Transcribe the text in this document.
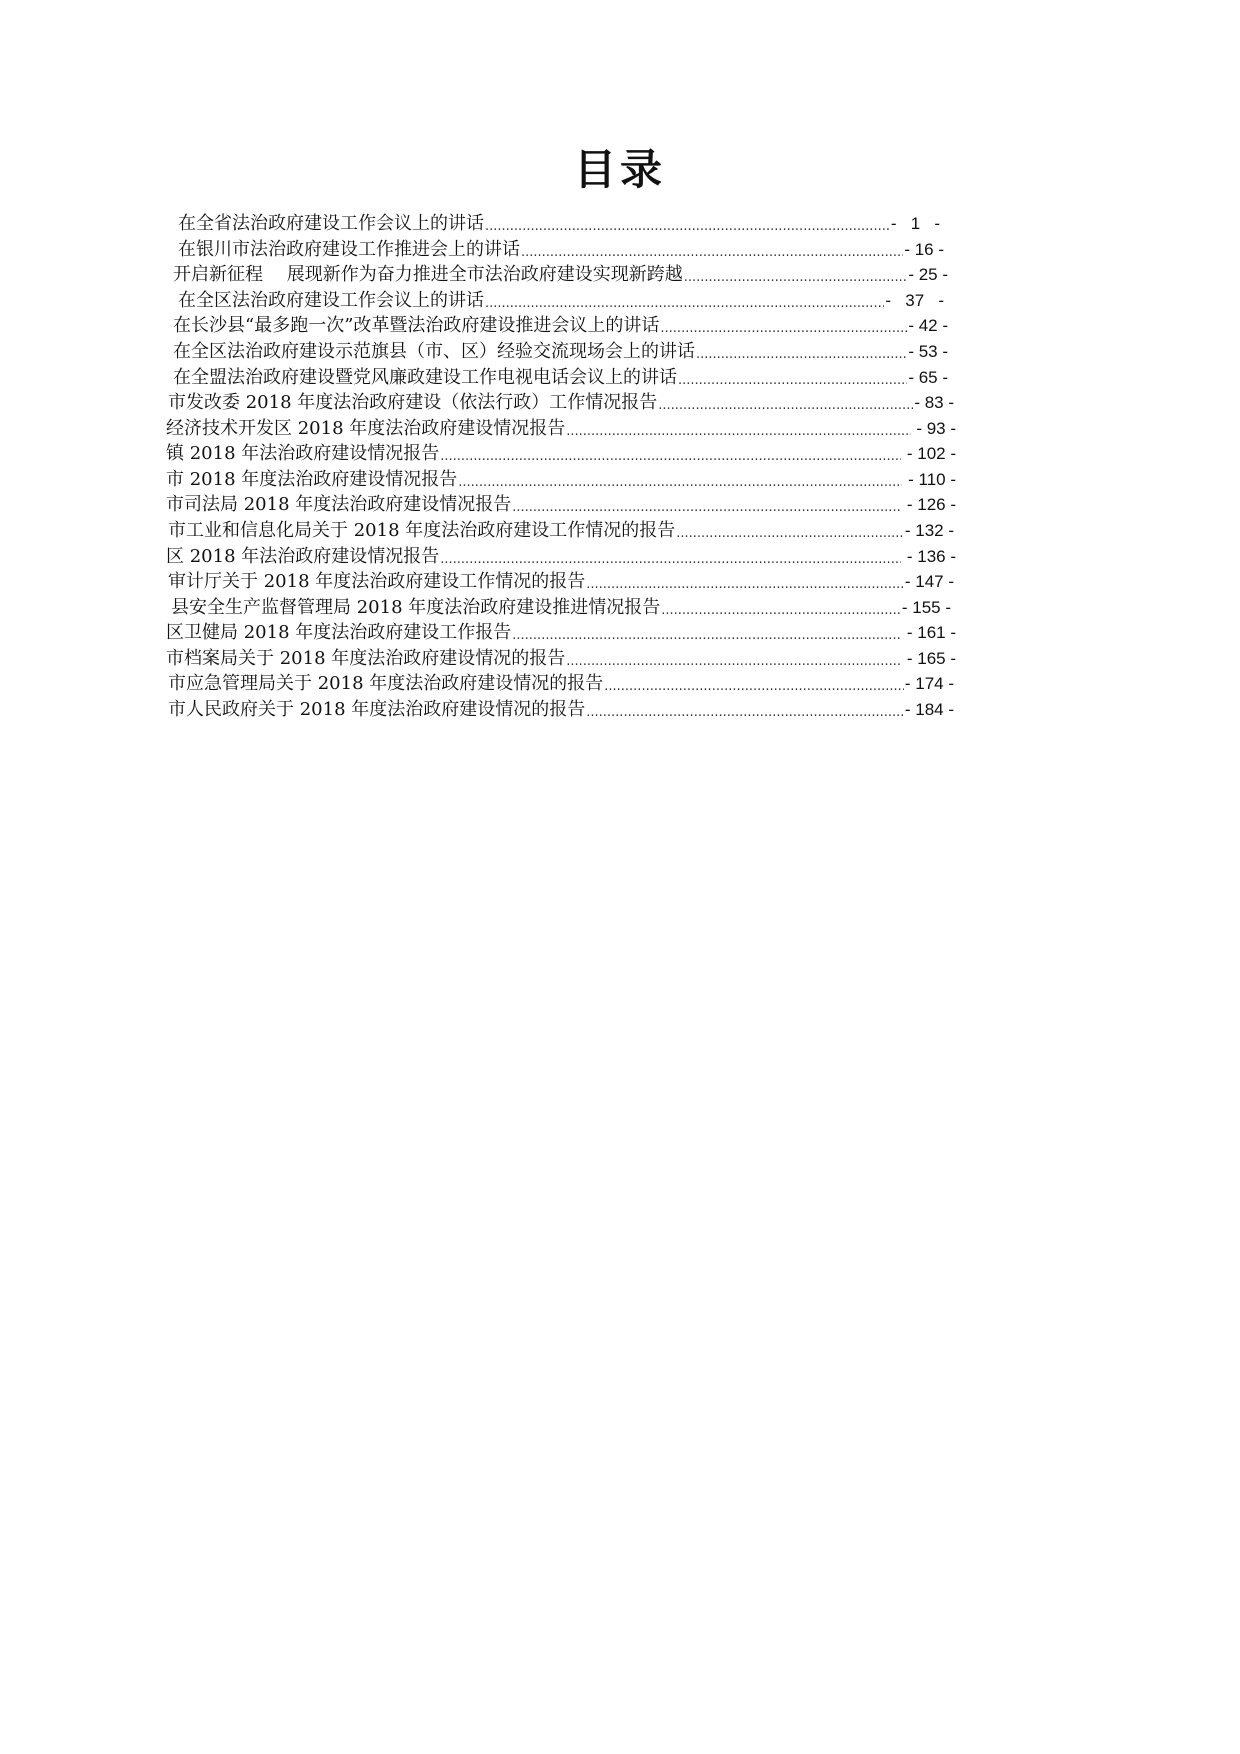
目录
在全省法治政府建设工作会议上的讲话 .....	-   1   -
在银川市法治政府建设工作推进会上的讲话 .....	- 16 -
开启新征程　 展现新作为奋力推进全市法治政府建设实现新跨越 .....	- 25 -
在全区法治政府建设工作会议上的讲话 .....	-   37   -
在长沙县“最多跑一次”改革暨法治政府建设推进会议上的讲话 .....	- 42 -
在全区法治政府建设示范旗县（市、区）经验交流现场会上的讲话 .....	- 53 -
在全盟法治政府建设暨党风廉政建设工作电视电话会议上的讲话 .....	- 65 -
市发改委 2018 年度法治政府建设（依法行政）工作情况报告 .....	- 83 -
经济技术开发区 2018 年度法治政府建设情况报告 .....	- 93 -
镇 2018 年法治政府建设情况报告 .....	- 102 -
市 2018 年度法治政府建设情况报告 .....	- 110 -
市司法局 2018 年度法治政府建设情况报告 .....	- 126 -
市工业和信息化局关于 2018 年度法治政府建设工作情况的报告 .....	- 132 -
区 2018 年法治政府建设情况报告 .....	- 136 -
审计厅关于 2018 年度法治政府建设工作情况的报告 .....	- 147 -
县安全生产监督管理局 2018 年度法治政府建设推进情况报告 .....	- 155 -
区卫健局 2018 年度法治政府建设工作报告 .....	- 161 -
市档案局关于 2018 年度法治政府建设情况的报告 .....	- 165 -
市应急管理局关于 2018 年度法治政府建设情况的报告 .....	- 174 -
市人民政府关于 2018 年度法治政府建设情况的报告 .....	- 184 -
